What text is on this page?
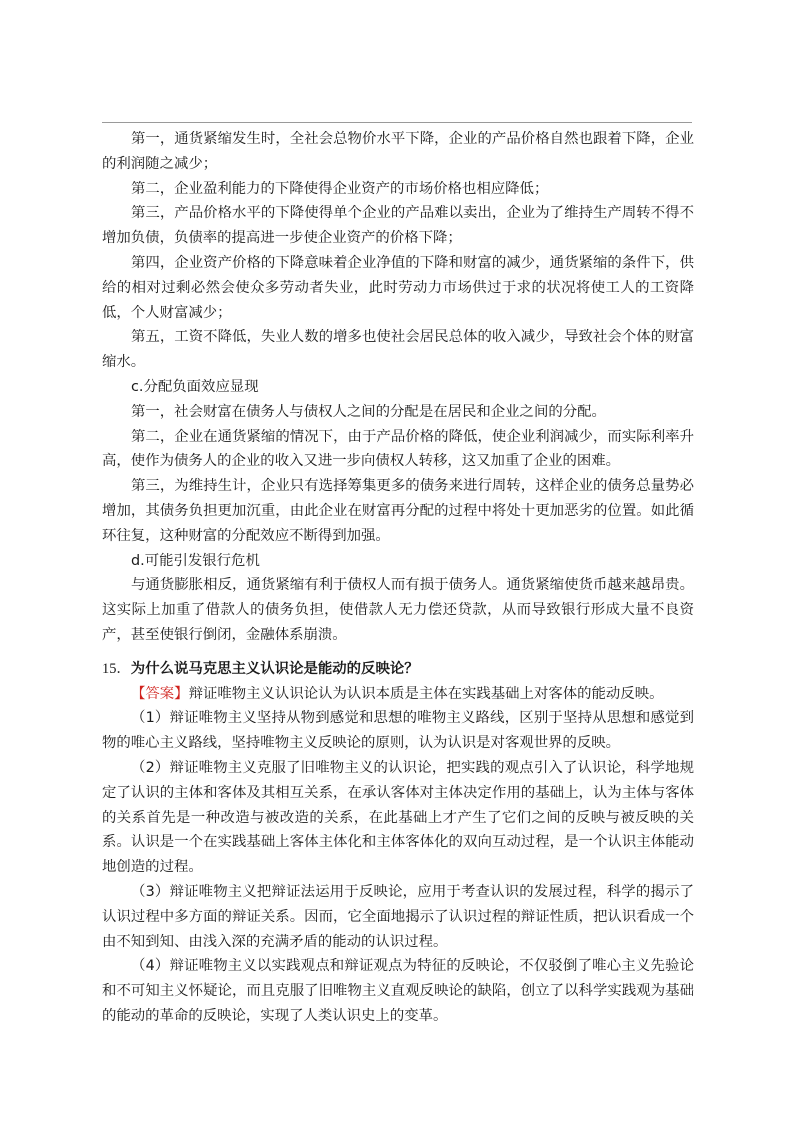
第一，通货紧缩发生时，全社会总物价水平下降，企业的产品价格自然也跟着下降，企业的利润随之减少；

第二，企业盈利能力的下降使得企业资产的市场价格也相应降低；

第三，产品价格水平的下降使得单个企业的产品难以卖出，企业为了维持生产周转不得不增加负债，负债率的提高进一步使企业资产的价格下降；

第四，企业资产价格的下降意味着企业净值的下降和财富的减少，通货紧缩的条件下，供给的相对过剩必然会使众多劳动者失业，此时劳动力市场供过于求的状况将使工人的工资降低，个人财富减少；

第五，工资不降低，失业人数的增多也使社会居民总体的收入减少，导致社会个体的财富缩水。

c.分配负面效应显现

第一，社会财富在债务人与债权人之间的分配是在居民和企业之间的分配。

第二，企业在通货紧缩的情况下，由于产品价格的降低，使企业利润减少，而实际利率升高，使作为债务人的企业的收入又进一步向债权人转移，这又加重了企业的困难。

第三，为维持生计，企业只有选择筹集更多的债务来进行周转，这样企业的债务总量势必增加，其债务负担更加沉重，由此企业在财富再分配的过程中将处十更加恶劣的位置。如此循环往复，这种财富的分配效应不断得到加强。

d.可能引发银行危机

与通货膨胀相反，通货紧缩有利于债权人而有损于债务人。通货紧缩使货币越来越昂贵。这实际上加重了借款人的债务负担，使借款人无力偿还贷款，从而导致银行形成大量不良资产，甚至使银行倒闭，金融体系崩溃。

15．为什么说马克思主义认识论是能动的反映论？

【答案】辩证唯物主义认识论认为认识本质是主体在实践基础上对客体的能动反映。

（1）辩证唯物主义坚持从物到感觉和思想的唯物主义路线，区别于坚持从思想和感觉到物的唯心主义路线，坚持唯物主义反映论的原则，认为认识是对客观世界的反映。

（2）辩证唯物主义克服了旧唯物主义的认识论，把实践的观点引入了认识论，科学地规定了认识的主体和客体及其相互关系，在承认客体对主体决定作用的基础上，认为主体与客体的关系首先是一种改造与被改造的关系，在此基础上才产生了它们之间的反映与被反映的关系。认识是一个在实践基础上客体主体化和主体客体化的双向互动过程，是一个认识主体能动地创造的过程。

（3）辩证唯物主义把辩证法运用于反映论，应用于考查认识的发展过程，科学的揭示了认识过程中多方面的辩证关系。因而，它全面地揭示了认识过程的辩证性质，把认识看成一个由不知到知、由浅入深的充满矛盾的能动的认识过程。

（4）辩证唯物主义以实践观点和辩证观点为特征的反映论，不仅驳倒了唯心主义先验论和不可知主义怀疑论，而且克服了旧唯物主义直观反映论的缺陷，创立了以科学实践观为基础的能动的革命的反映论，实现了人类认识史上的变革。
